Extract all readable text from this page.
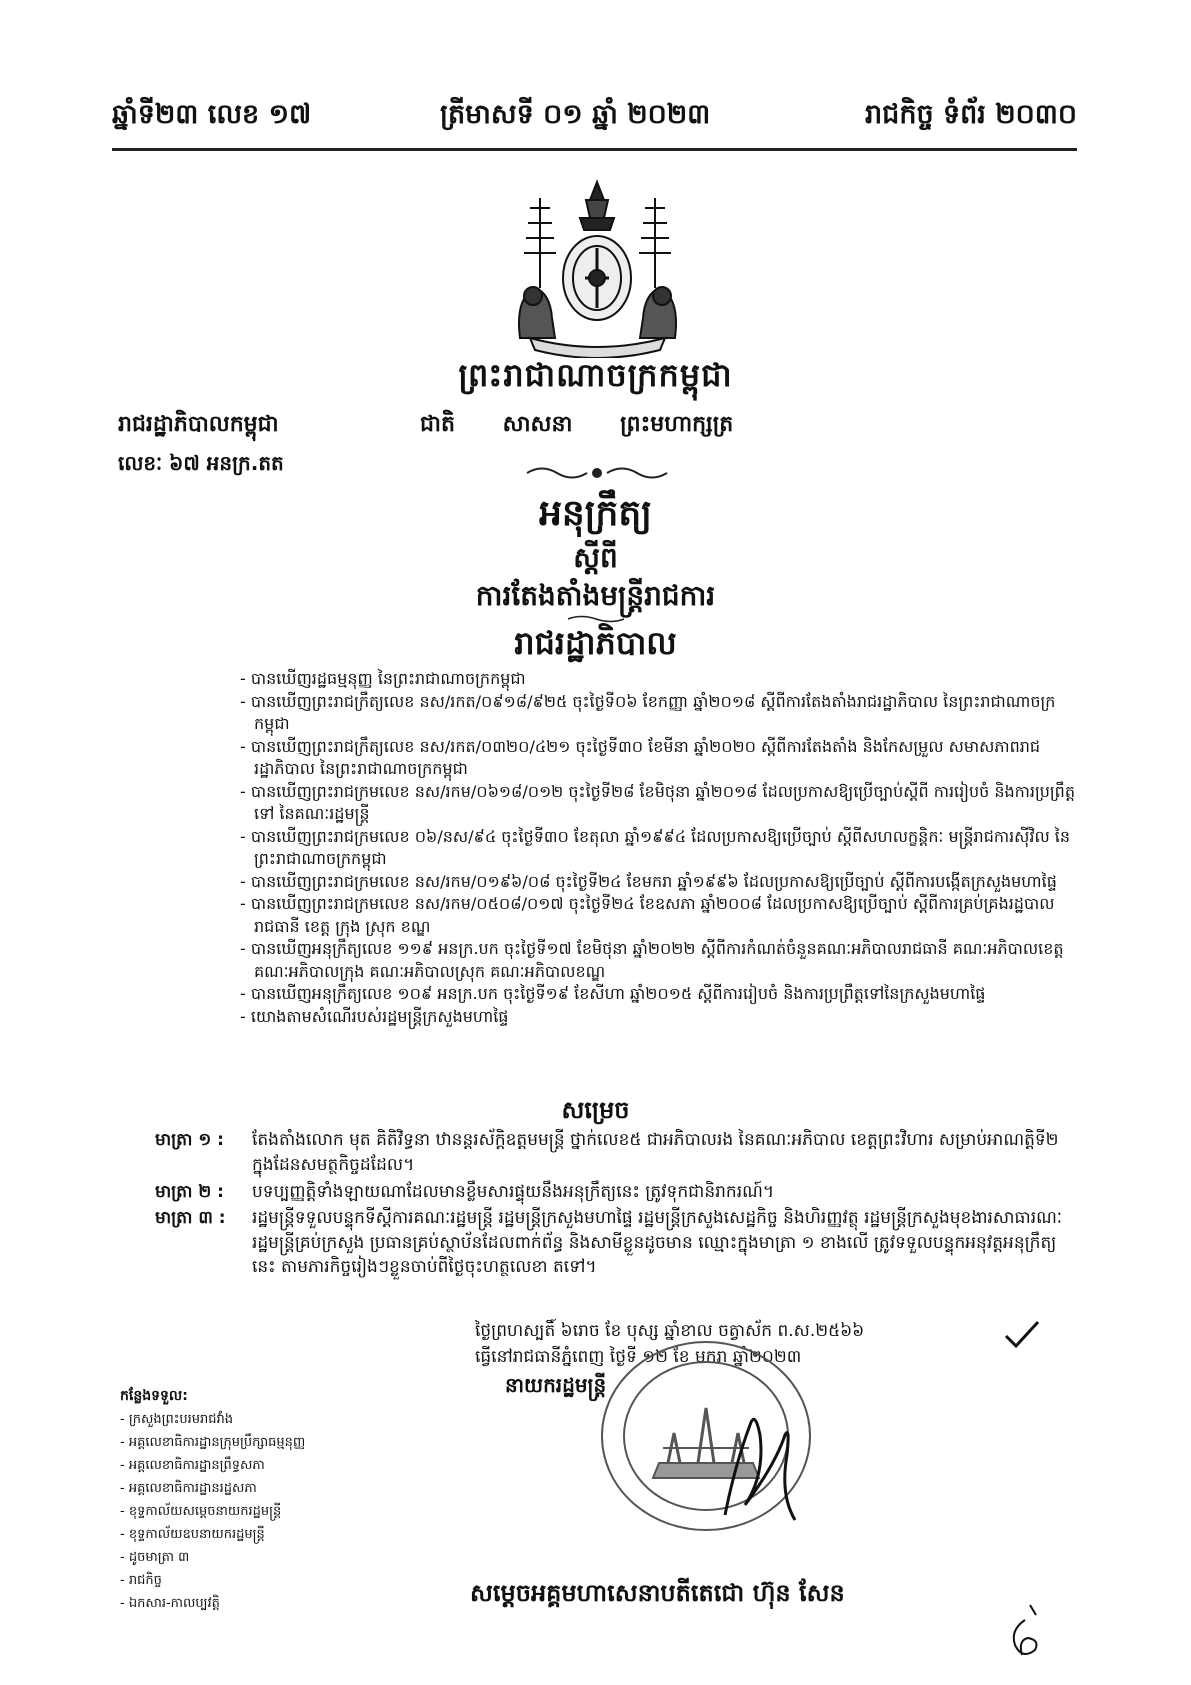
ឆ្នាំទី២៣ លេខ ១៧	ត្រីមាសទី ០១ ឆ្នាំ ២០២៣	រាជកិច្ច ទំព័រ ២០៣០
ព្រះរាជាណាចក្រកម្ពុជា
ជាតិ សាសនា ព្រះមហាក្សត្រ
រាជរដ្ឋាភិបាលកម្ពុជា
លេខៈ ៦៧ អនក្រ.តត
អនុក្រឹត្យ
ស្តីពី
ការតែងតាំងមន្ត្រីរាជការ
រាជរដ្ឋាភិបាល
- បានឃើញរដ្ឋធម្មនុញ្ញ នៃព្រះរាជាណាចក្រកម្ពុជា
- បានឃើញព្រះរាជក្រឹត្យលេខ នស/រកត/០៩១៨/៩២៥ ចុះថ្ងៃទី០៦ ខែកញ្ញា ឆ្នាំ២០១៨ ស្តីពីការតែងតាំងរាជរដ្ឋាភិបាល នៃព្រះរាជាណាចក្រកម្ពុជា
- បានឃើញព្រះរាជក្រឹត្យលេខ នស/រកត/០៣២០/៤២១ ចុះថ្ងៃទី៣០ ខែមីនា ឆ្នាំ២០២០ ស្តីពីការតែងតាំង និងកែសម្រួល សមាសភាពរាជរដ្ឋាភិបាល នៃព្រះរាជាណាចក្រកម្ពុជា
- បានឃើញព្រះរាជក្រមលេខ នស/រកម/០៦១៨/០១២ ចុះថ្ងៃទី២៨ ខែមិថុនា ឆ្នាំ២០១៨ ដែលប្រកាសឱ្យប្រើច្បាប់ស្តីពី ការរៀបចំ និងការប្រព្រឹត្តទៅ នៃគណៈរដ្ឋមន្ត្រី
- បានឃើញព្រះរាជក្រមលេខ ០៦/នស/៩៤ ចុះថ្ងៃទី៣០ ខែតុលា ឆ្នាំ១៩៩៤ ដែលប្រកាសឱ្យប្រើច្បាប់ ស្តីពីសហលក្ខន្តិកៈ មន្ត្រីរាជការស៊ីវិល នៃព្រះរាជាណាចក្រកម្ពុជា
- បានឃើញព្រះរាជក្រមលេខ នស/រកម/០១៩៦/០៨ ចុះថ្ងៃទី២៤ ខែមករា ឆ្នាំ១៩៩៦ ដែលប្រកាសឱ្យប្រើច្បាប់ ស្តីពីការបង្កើតក្រសួងមហាផ្ទៃ
- បានឃើញព្រះរាជក្រមលេខ នស/រកម/០៥០៨/០១៧ ចុះថ្ងៃទី២៤ ខែឧសភា ឆ្នាំ២០០៨ ដែលប្រកាសឱ្យប្រើច្បាប់ ស្តីពីការគ្រប់គ្រងរដ្ឋបាលរាជធានី ខេត្ត ក្រុង ស្រុក ខណ្ឌ
- បានឃើញអនុក្រឹត្យលេខ ១១៩ អនក្រ.បក ចុះថ្ងៃទី១៧ ខែមិថុនា ឆ្នាំ២០២២ ស្តីពីការកំណត់ចំនួនគណៈអភិបាលរាជធានី គណៈអភិបាលខេត្ត គណៈអភិបាលក្រុង គណៈអភិបាលស្រុក គណៈអភិបាលខណ្ឌ
- បានឃើញអនុក្រឹត្យលេខ ១០៩ អនក្រ.បក ចុះថ្ងៃទី១៩ ខែសីហា ឆ្នាំ២០១៥ ស្តីពីការរៀបចំ និងការប្រព្រឹត្តទៅនៃក្រសួងមហាផ្ទៃ
- យោងតាមសំណើរបស់រដ្ឋមន្ត្រីក្រសួងមហាផ្ទៃ
សម្រេច
មាត្រា ១ : តែងតាំងលោក មុត គិតិវិទ្ធនា ឋានន្តរស័ក្តិឧត្តមមន្ត្រី ថ្នាក់លេខ៥ ជាអភិបាលរង នៃគណៈអភិបាល ខេត្តព្រះវិហារ សម្រាប់អាណត្តិទី២ ក្នុងដែនសមត្ថកិច្ចដដែល។
មាត្រា ២ : បទប្បញ្ញត្តិទាំងឡាយណាដែលមានខ្លឹមសារផ្ទុយនឹងអនុក្រឹត្យនេះ ត្រូវទុកជានិរាករណ៍។
មាត្រា ៣ : រដ្ឋមន្ត្រីទទួលបន្ទុកទីស្តីការគណៈរដ្ឋមន្ត្រី រដ្ឋមន្ត្រីក្រសួងមហាផ្ទៃ រដ្ឋមន្ត្រីក្រសួងសេដ្ឋកិច្ច និងហិរញ្ញវត្ថុ រដ្ឋមន្ត្រីក្រសួងមុខងារសាធារណៈ រដ្ឋមន្ត្រីគ្រប់ក្រសួង ប្រធានគ្រប់ស្ថាប័នដែលពាក់ព័ន្ធ និងសាមីខ្លួនដូចមាន ឈ្មោះក្នុងមាត្រា ១ ខាងលើ ត្រូវទទួលបន្ទុកអនុវត្តអនុក្រឹត្យនេះ តាមភារកិច្ចរៀងៗខ្លួនចាប់ពីថ្ងៃចុះហត្ថលេខា តទៅ។
ថ្ងៃព្រហស្បតិ៍ ៦រោច ខែ បុស្ស ឆ្នាំខាល ចត្វាស័ក ព.ស.២៥៦៦
ធ្វើនៅរាជធានីភ្នំពេញ ថ្ងៃទី ១២ ខែ មករា ឆ្នាំ២០២៣
នាយករដ្ឋមន្ត្រី
កន្លែងទទួល:
- ក្រសួងព្រះបរមរាជវាំង
- អគ្គលេខាធិការដ្ឋានក្រុមប្រឹក្សាធម្មនុញ្ញ
- អគ្គលេខាធិការដ្ឋានព្រឹទ្ធសភា
- អគ្គលេខាធិការដ្ឋានរដ្ឋសភា
- ខុទ្ទកាល័យសម្តេចនាយករដ្ឋមន្ត្រី
- ខុទ្ទកាល័យឧបនាយករដ្ឋមន្ត្រី
- ដូចមាត្រា ៣
- រាជកិច្ច
- ឯកសារ-កាលប្បវត្តិ	សម្តេចអគ្គមហាសេនាបតីតេជោ ហ៊ុន សែន
